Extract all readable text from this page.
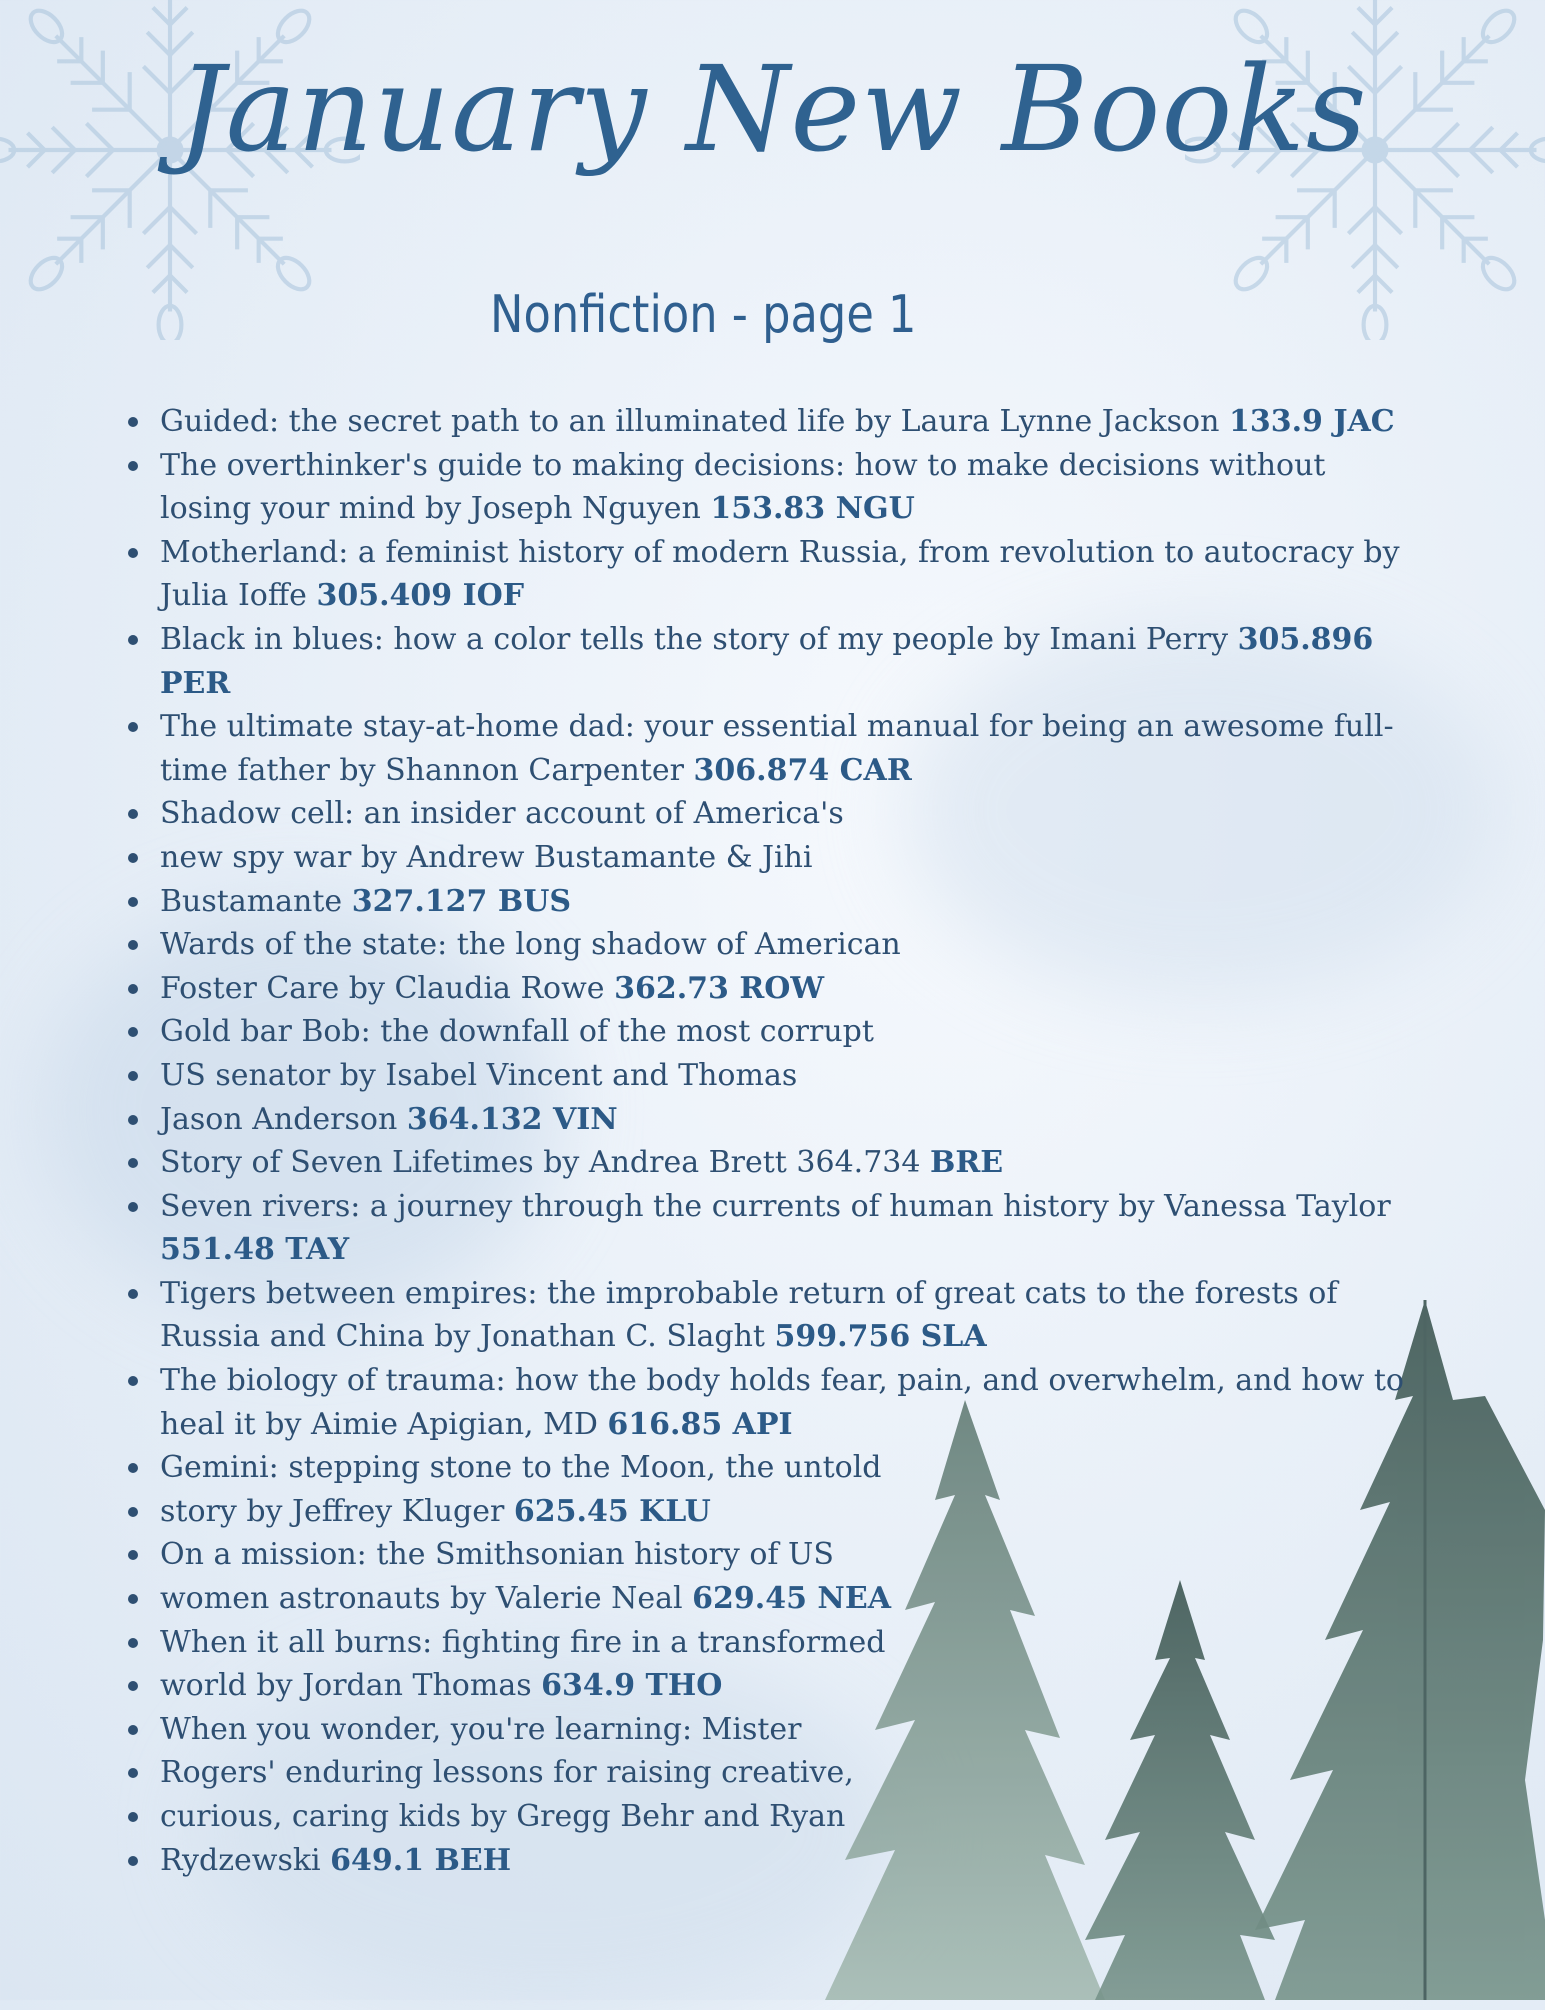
January New Books
Nonfiction - page 1
Guided: the secret path to an illuminated life by Laura Lynne Jackson 133.9 JAC
The overthinker's guide to making decisions: how to make decisions without losing your mind by Joseph Nguyen 153.83 NGU
Motherland: a feminist history of modern Russia, from revolution to autocracy by Julia Ioffe 305.409 IOF
Black in blues: how a color tells the story of my people by Imani Perry 305.896 PER
The ultimate stay-at-home dad: your essential manual for being an awesome full-time father by Shannon Carpenter 306.874 CAR
Shadow cell: an insider account of America's
new spy war by Andrew Bustamante & Jihi
Bustamante 327.127 BUS
Wards of the state: the long shadow of American
Foster Care by Claudia Rowe 362.73 ROW
Gold bar Bob: the downfall of the most corrupt
US senator by Isabel Vincent and Thomas
Jason Anderson 364.132 VIN
Story of Seven Lifetimes by Andrea Brett 364.734 BRE
Seven rivers: a journey through the currents of human history by Vanessa Taylor 551.48 TAY
Tigers between empires: the improbable return of great cats to the forests of Russia and China by Jonathan C. Slaght 599.756 SLA
The biology of trauma: how the body holds fear, pain, and overwhelm, and how to heal it by Aimie Apigian, MD 616.85 API
Gemini: stepping stone to the Moon, the untold
story by Jeffrey Kluger 625.45 KLU
On a mission: the Smithsonian history of US
women astronauts by Valerie Neal 629.45 NEA
When it all burns: fighting fire in a transformed
world by Jordan Thomas 634.9 THO
When you wonder, you're learning: Mister
Rogers' enduring lessons for raising creative,
curious, caring kids by Gregg Behr and Ryan
Rydzewski 649.1 BEH
